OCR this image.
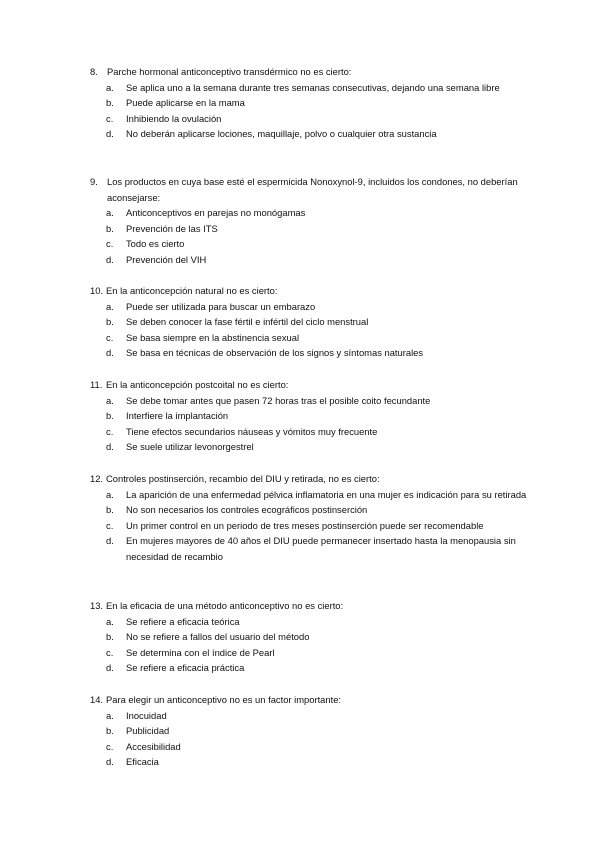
8. Parche hormonal anticonceptivo transdérmico no es cierto:
a.	Se aplica uno a la semana durante tres semanas consecutivas, dejando una semana libre
b.	Puede aplicarse en la mama
c.	Inhibiendo la ovulación
d.	No deberán aplicarse lociones, maquillaje, polvo o cualquier otra sustancia
9. Los productos en cuya base esté el espermicida Nonoxynol-9, incluidos los condones, no deberían aconsejarse:
a.	Anticonceptivos en parejas no monógamas
b.	Prevención de las ITS
c.	Todo es cierto
d.	Prevención del VIH
10. En la anticoncepción natural no es cierto:
a.	Puede ser utilizada para buscar un embarazo
b.	Se deben conocer la fase fértil e infértil del ciclo menstrual
c.	Se basa siempre en la abstinencia sexual
d.	Se basa en técnicas de observación de los signos y síntomas naturales
11. En la anticoncepción postcoital no es cierto:
a.	Se debe tomar antes que pasen 72 horas tras el posible coito fecundante
b.	Interfiere la implantación
c.	Tiene efectos secundarios náuseas y vómitos muy frecuente
d.	Se suele utilizar levonorgestrel
12. Controles postinserción, recambio del DIU y retirada, no es cierto:
a.	La aparición de una enfermedad pélvica inflamatoria en una mujer es indicación para su retirada
b.	No son necesarios los controles ecográficos postinserción
c.	Un primer control en un periodo de tres meses postinserción puede ser recomendable
d.	En mujeres mayores de 40 años el DIU puede permanecer insertado hasta la menopausia sin necesidad de recambio
13. En la eficacia de una método anticonceptivo no es cierto:
a.	Se refiere a eficacia teórica
b.	No se refiere a fallos del usuario del método
c.	Se determina con el índice de Pearl
d.	Se refiere a eficacia práctica
14. Para elegir un anticonceptivo no es un factor importante:
a.	Inocuidad
b.	Publicidad
c.	Accesibilidad
d.	Eficacia
